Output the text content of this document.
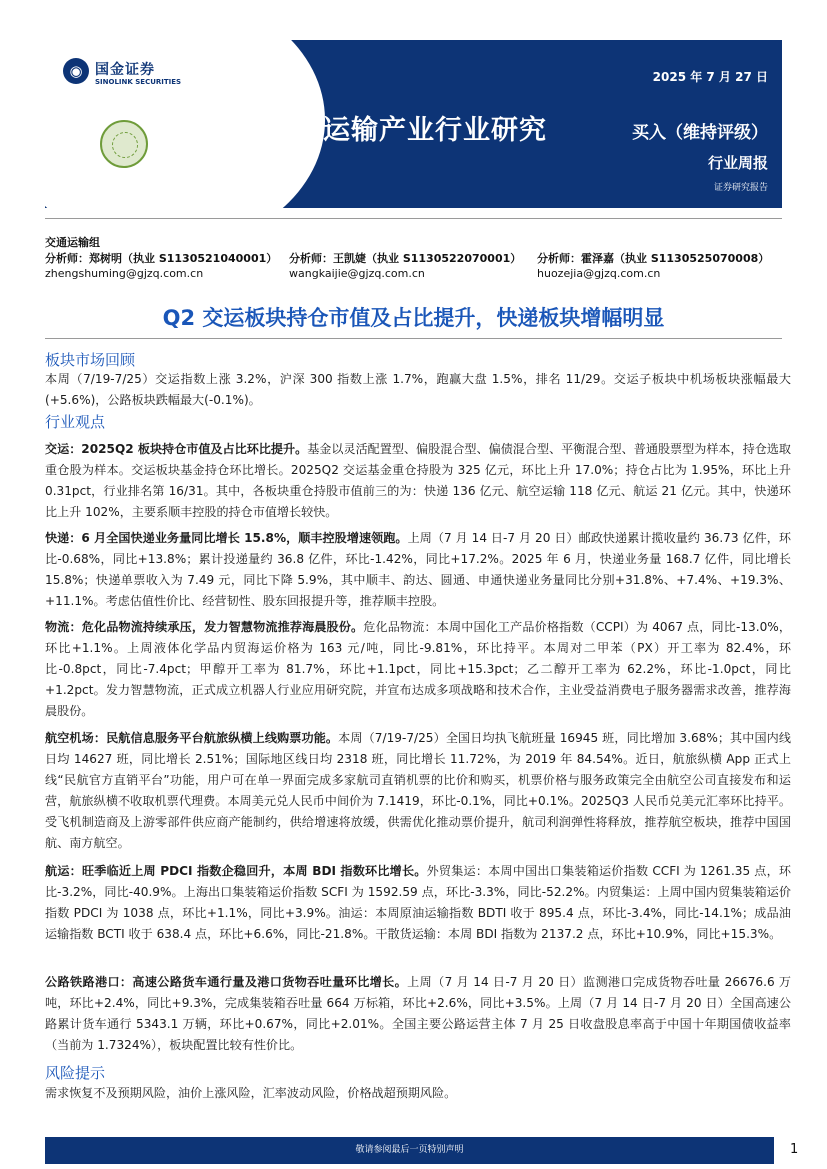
◉ 国金证券
SINOLINK SECURITIES	2025 年 7 月 27 日
交通运输产业行业研究	买入（维持评级）
行业周报
证券研究报告
交通运输组
分析师：郑树明（执业 S1130521040001） 分析师：王凯婕（执业 S1130522070001） 分析师：霍泽嘉（执业 S1130525070008）
zhengshuming@gjzq.com.cn	wangkaijie@gjzq.com.cn	huozejia@gjzq.com.cn
Q2 交运板块持仓市值及占比提升，快递板块增幅明显
板块市场回顾

本周（7/19-7/25）交运指数上涨 3.2%，沪深 300 指数上涨 1.7%，跑赢大盘 1.5%，排名 11/29。交运子板块中机场板块涨幅最大(+5.6%)，公路板块跌幅最大(-0.1%)。

行业观点

交运：2025Q2 板块持仓市值及占比环比提升。基金以灵活配置型、偏股混合型、偏债混合型、平衡混合型、普通股票型为样本，持仓选取重仓股为样本。交运板块基金持仓环比增长。2025Q2 交运基金重仓持股为 325 亿元，环比上升 17.0%；持仓占比为 1.95%，环比上升 0.31pct，行业排名第 16/31。其中，各板块重仓持股市值前三的为：快递 136 亿元、航空运输 118 亿元、航运 21 亿元。其中，快递环比上升 102%，主要系顺丰控股的持仓市值增长较快。

快递：6 月全国快递业务量同比增长 15.8%，顺丰控股增速领跑。上周（7 月 14 日-7 月 20 日）邮政快递累计揽收量约 36.73 亿件，环比-0.68%，同比+13.8%；累计投递量约 36.8 亿件，环比-1.42%，同比+17.2%。2025 年 6 月，快递业务量 168.7 亿件，同比增长 15.8%；快递单票收入为 7.49 元，同比下降 5.9%，其中顺丰、韵达、圆通、申通快递业务量同比分别+31.8%、+7.4%、+19.3%、+11.1%。考虑估值性价比、经营韧性、股东回报提升等，推荐顺丰控股。

物流：危化品物流持续承压，发力智慧物流推荐海晨股份。危化品物流：本周中国化工产品价格指数（CCPI）为 4067 点，同比-13.0%，环比+1.1%。上周液体化学品内贸海运价格为 163 元/吨，同比-9.81%，环比持平。本周对二甲苯（PX）开工率为 82.4%，环比-0.8pct，同比-7.4pct；甲醇开工率为 81.7%，环比+1.1pct，同比+15.3pct；乙二醇开工率为 62.2%，环比-1.0pct，同比+1.2pct。发力智慧物流，正式成立机器人行业应用研究院，并宣布达成多项战略和技术合作，主业受益消费电子服务器需求改善，推荐海晨股份。

航空机场：民航信息服务平台航旅纵横上线购票功能。本周（7/19-7/25）全国日均执飞航班量 16945 班，同比增加 3.68%；其中国内线日均 14627 班，同比增长 2.51%；国际地区线日均 2318 班，同比增长 11.72%，为 2019 年 84.54%。近日，航旅纵横 App 正式上线“民航官方直销平台”功能，用户可在单一界面完成多家航司直销机票的比价和购买，机票价格与服务政策完全由航空公司直接发布和运营，航旅纵横不收取机票代理费。本周美元兑人民币中间价为 7.1419，环比-0.1%，同比+0.1%。2025Q3 人民币兑美元汇率环比持平。受飞机制造商及上游零部件供应商产能制约，供给增速将放缓，供需优化推动票价提升，航司利润弹性将释放，推荐航空板块，推荐中国国航、南方航空。

航运：旺季临近上周 PDCI 指数企稳回升，本周 BDI 指数环比增长。外贸集运：本周中国出口集装箱运价指数 CCFI 为 1261.35 点，环比-3.2%，同比-40.9%。上海出口集装箱运价指数 SCFI 为 1592.59 点，环比-3.3%，同比-52.2%。内贸集运：上周中国内贸集装箱运价指数 PDCI 为 1038 点，环比+1.1%，同比+3.9%。油运：本周原油运输指数 BDTI 收于 895.4 点，环比-3.4%，同比-14.1%；成品油运输指数 BCTI 收于 638.4 点，环比+6.6%，同比-21.8%。干散货运输：本周 BDI 指数为 2137.2 点，环比+10.9%，同比+15.3%。

公路铁路港口：高速公路货车通行量及港口货物吞吐量环比增长。上周（7 月 14 日-7 月 20 日）监测港口完成货物吞吐量 26676.6 万吨，环比+2.4%，同比+9.3%，完成集装箱吞吐量 664 万标箱，环比+2.6%，同比+3.5%。上周（7 月 14 日-7 月 20 日）全国高速公路累计货车通行 5343.1 万辆，环比+0.67%，同比+2.01%。全国主要公路运营主体 7 月 25 日收盘股息率高于中国十年期国债收益率（当前为 1.7324%），板块配置比较有性价比。

风险提示

需求恢复不及预期风险，油价上涨风险，汇率波动风险，价格战超预期风险。

敬请参阅最后一页特别声明	1
